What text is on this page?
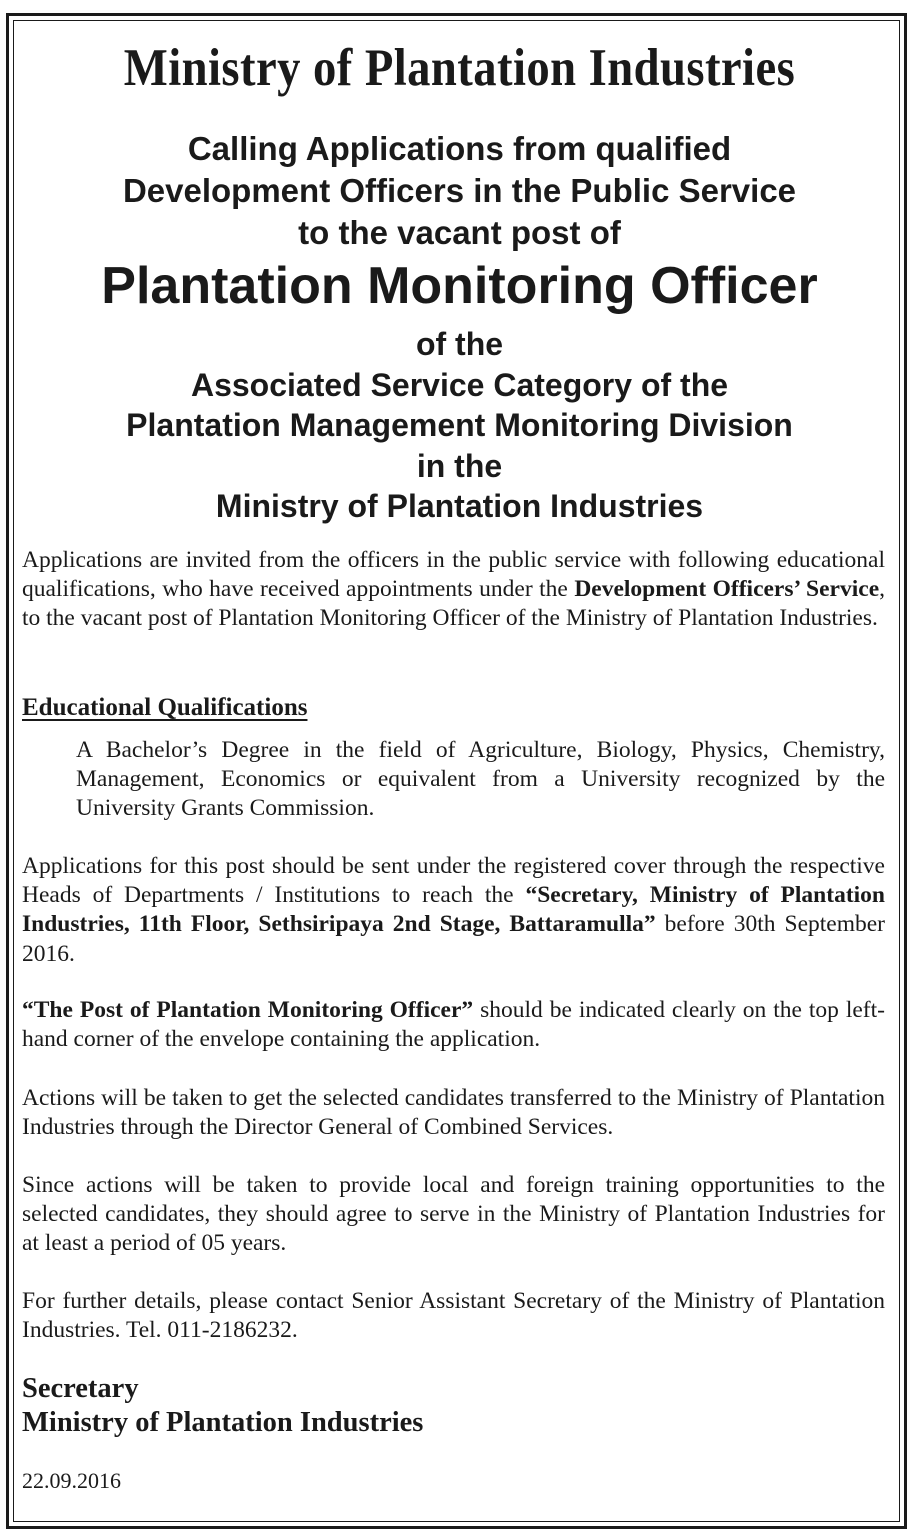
Ministry of Plantation Industries
Calling Applications from qualified
Development Officers in the Public Service
to the vacant post of
Plantation Monitoring Officer
of the
Associated Service Category of the
Plantation Management Monitoring Division
in the
Ministry of Plantation Industries
Applications are invited from the officers in the public service with following educational qualifications, who have received appointments under the Development Officers’ Service, to the vacant post of Plantation Monitoring Officer of the Ministry of Plantation Industries.
Educational Qualifications
A Bachelor’s Degree in the field of Agriculture, Biology, Physics, Chemistry, Management, Economics or equivalent from a University recognized by the University Grants Commission.
Applications for this post should be sent under the registered cover through the respective Heads of Departments / Institutions to reach the “Secretary, Ministry of Plantation Industries, 11th Floor, Sethsiripaya 2nd Stage, Battaramulla” before 30th September 2016.
“The Post of Plantation Monitoring Officer” should be indicated clearly on the top left-hand corner of the envelope containing the application.
Actions will be taken to get the selected candidates transferred to the Ministry of Plantation Industries through the Director General of Combined Services.
Since actions will be taken to provide local and foreign training opportunities to the selected candidates, they should agree to serve in the Ministry of Plantation Industries for at least a period of 05 years.
For further details, please contact Senior Assistant Secretary of the Ministry of Plantation Industries. Tel. 011-2186232.
Secretary
Ministry of Plantation Industries
22.09.2016
